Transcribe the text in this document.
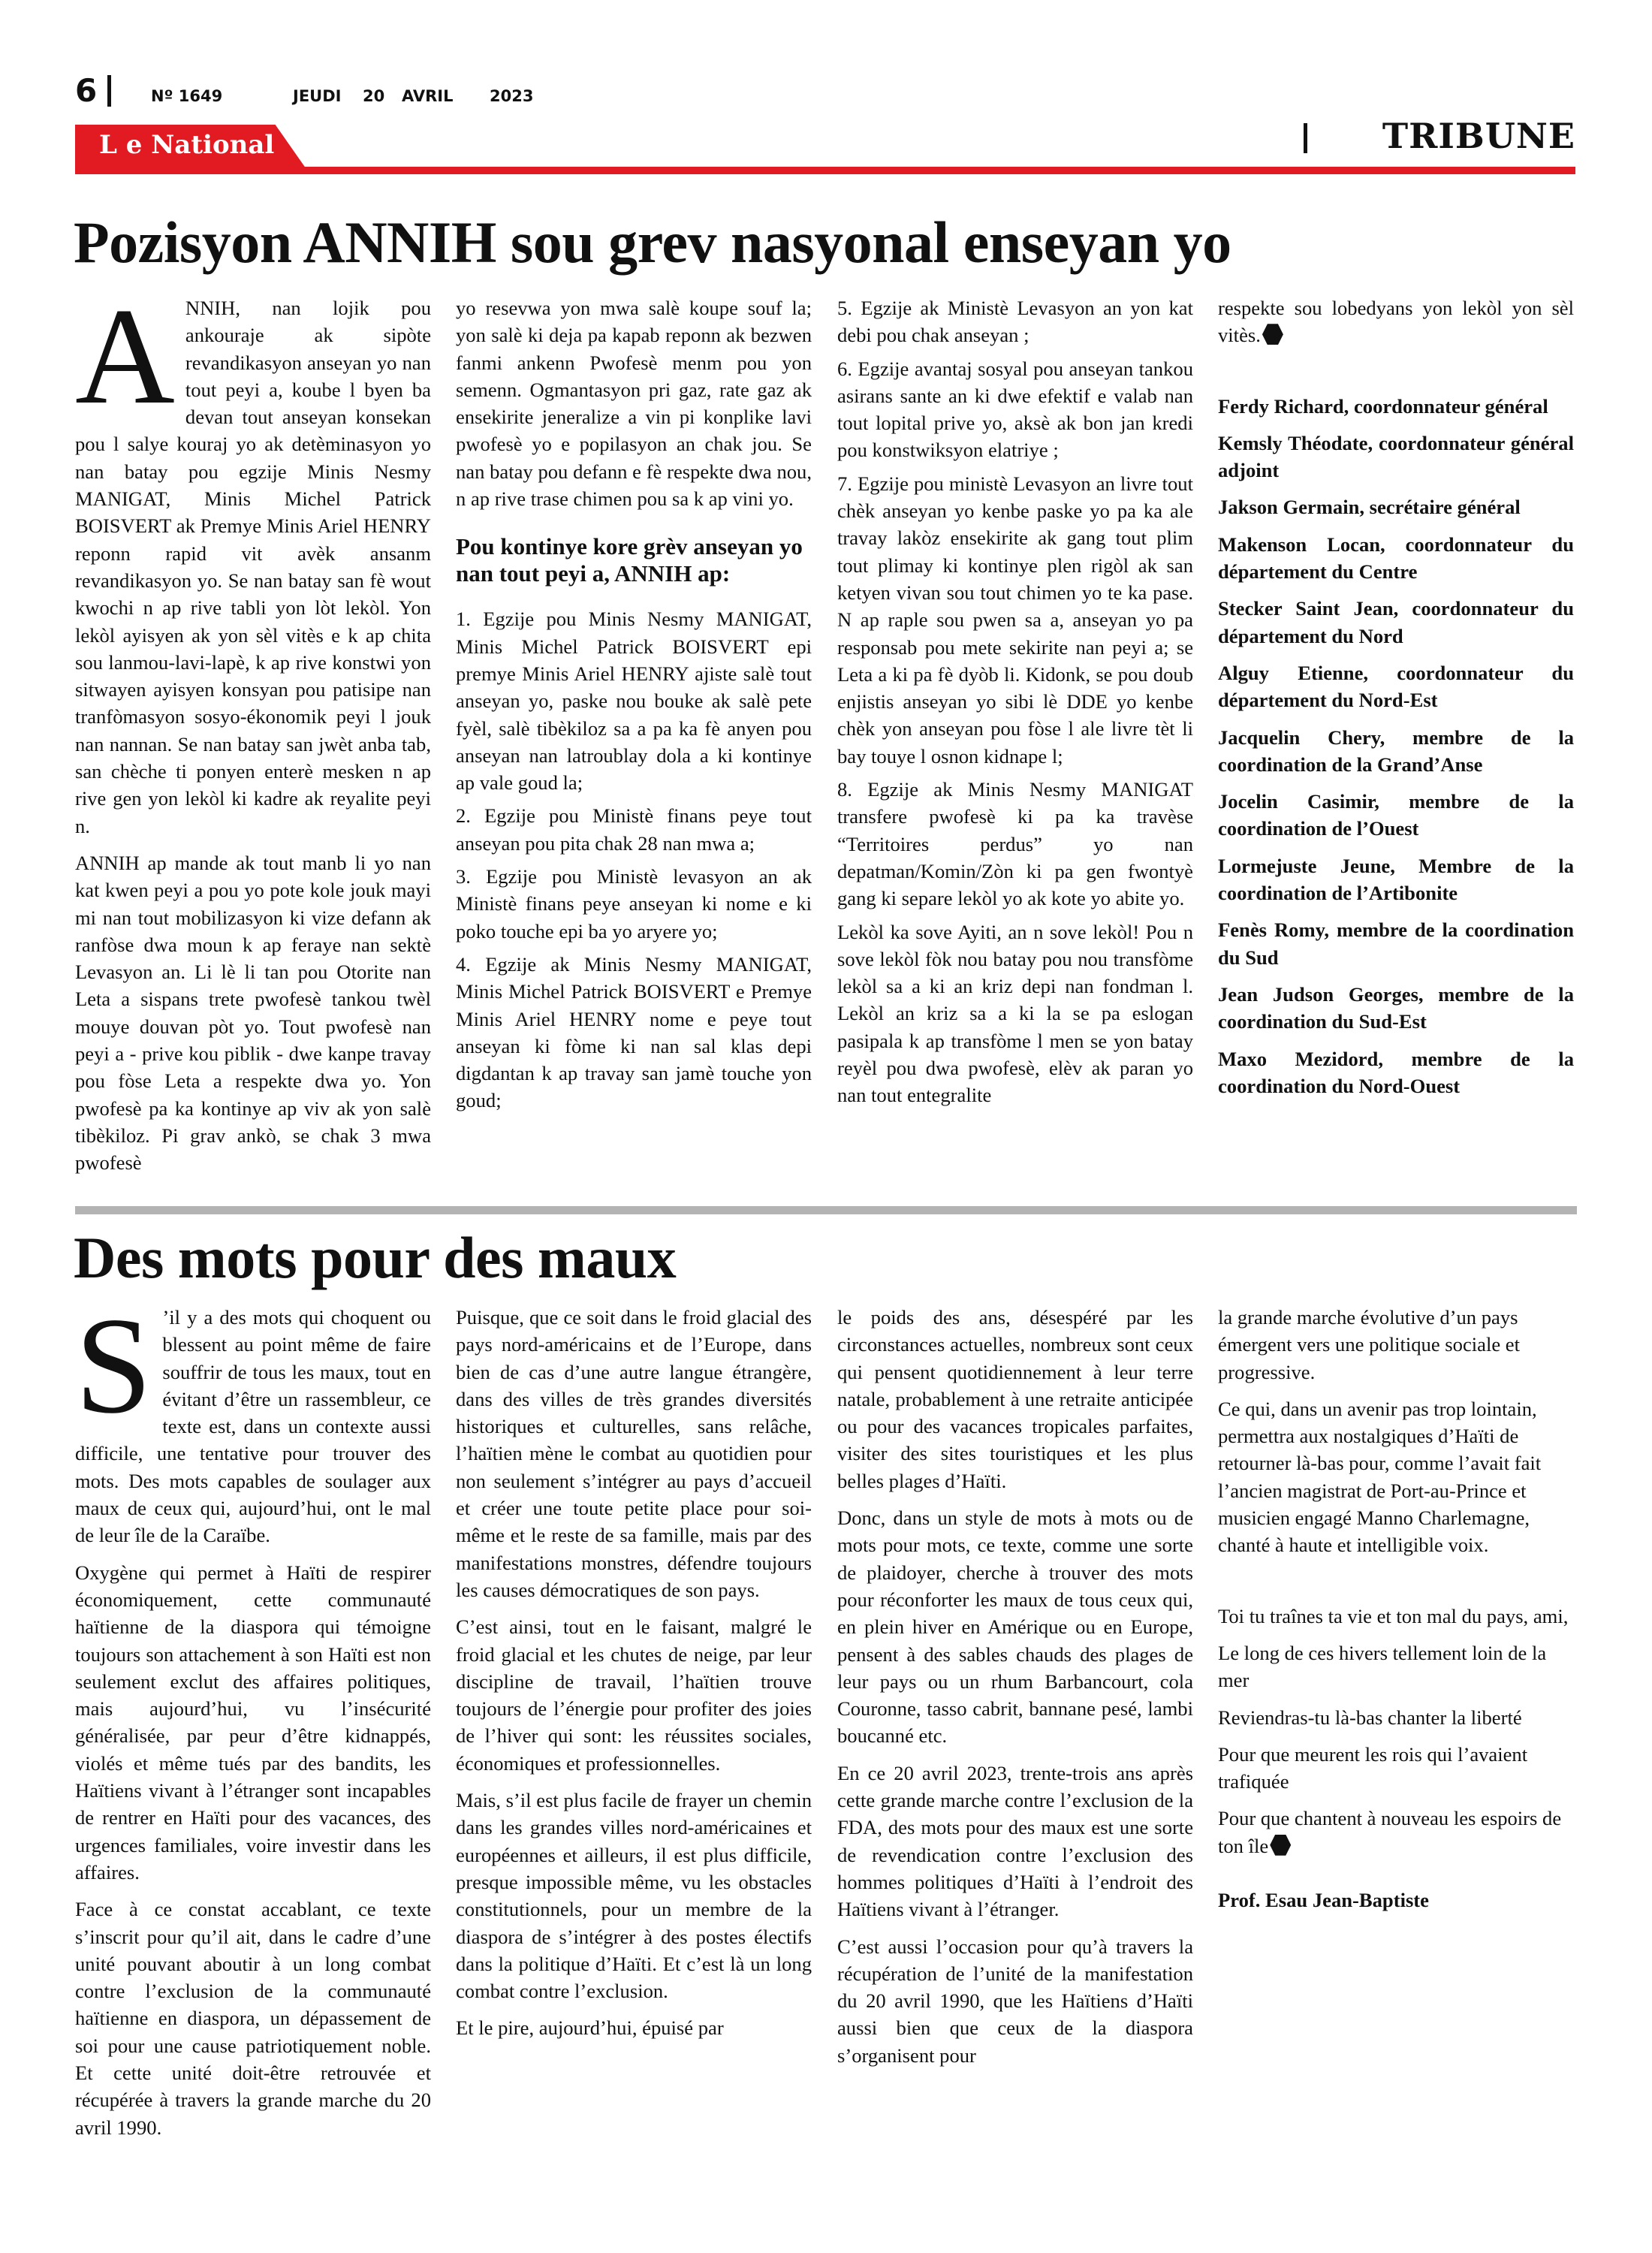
6	Nº 1649	JEUDI 20 AVRIL 2023
L e National	TRIBUNE
Pozisyon ANNIH sou grev nasyonal enseyan yo

ANNIH, nan lojik pou ankouraje ak sipòte revandikasyon anseyan yo nan tout peyi a, koube l byen ba devan tout anseyan konsekan pou l salye kouraj yo ak detèminasyon yo nan batay pou egzije Minis Nesmy MANIGAT, Minis Michel Patrick BOISVERT ak Premye Minis Ariel HENRY reponn rapid vit avèk ansanm revandikasyon yo. Se nan batay san fè wout kwochi n ap rive tabli yon lòt lekòl. Yon lekòl ayisyen ak yon sèl vitès e k ap chita sou lanmou-lavi-lapè, k ap rive konstwi yon sitwayen ayisyen konsyan pou patisipe nan tranfòmasyon sosyo-ékonomik peyi l jouk nan nannan. Se nan batay san jwèt anba tab, san chèche ti ponyen enterè mesken n ap rive gen yon lekòl ki kadre ak reyalite peyi n.

ANNIH ap mande ak tout manb li yo nan kat kwen peyi a pou yo pote kole jouk mayi mi nan tout mobilizasyon ki vize defann ak ranfòse dwa moun k ap feraye nan sektè Levasyon an. Li lè li tan pou Otorite nan Leta a sispans trete pwofesè tankou twèl mouye douvan pòt yo. Tout pwofesè nan peyi a - prive kou piblik - dwe kanpe travay pou fòse Leta a respekte dwa yo. Yon pwofesè pa ka kontinye ap viv ak yon salè tibèkiloz. Pi grav ankò, se chak 3 mwa pwofesè

yo resevwa yon mwa salè koupe souf la; yon salè ki deja pa kapab reponn ak bezwen fanmi ankenn Pwofesè menm pou yon semenn. Ogmantasyon pri gaz, rate gaz ak ensekirite jeneralize a vin pi konplike lavi pwofesè yo e popilasyon an chak jou. Se nan batay pou defann e fè respekte dwa nou, n ap rive trase chimen pou sa k ap vini yo.

Pou kontinye kore grèv anseyan yo nan tout peyi a, ANNIH ap:

1. Egzije pou Minis Nesmy MANIGAT, Minis Michel Patrick BOISVERT epi premye Minis Ariel HENRY ajiste salè tout anseyan yo, paske nou bouke ak salè pete fyèl, salè tibèkiloz sa a pa ka fè anyen pou anseyan nan latroublay dola a ki kontinye ap vale goud la;

2. Egzije pou Ministè finans peye tout anseyan pou pita chak 28 nan mwa a;

3. Egzije pou Ministè levasyon an ak Ministè finans peye anseyan ki nome e ki poko touche epi ba yo aryere yo;

4. Egzije ak Minis Nesmy MANIGAT, Minis Michel Patrick BOISVERT e Premye Minis Ariel HENRY nome e peye tout anseyan ki fòme ki nan sal klas depi digdantan k ap travay san jamè touche yon goud;

5. Egzije ak Ministè Levasyon an yon kat debi pou chak anseyan ;

6. Egzije avantaj sosyal pou anseyan tankou asirans sante an ki dwe efektif e valab nan tout lopital prive yo, aksè ak bon jan kredi pou konstwiksyon elatriye ;

7. Egzije pou ministè Levasyon an livre tout chèk anseyan yo kenbe paske yo pa ka ale travay lakòz ensekirite ak gang tout plim tout plimay ki kontinye plen rigòl ak san ketyen vivan sou tout chimen yo te ka pase. N ap raple sou pwen sa a, anseyan yo pa responsab pou mete sekirite nan peyi a; se Leta a ki pa fè dyòb li. Kidonk, se pou doub enjistis anseyan yo sibi lè DDE yo kenbe chèk yon anseyan pou fòse l ale livre tèt li bay touye l osnon kidnape l;

8. Egzije ak Minis Nesmy MANIGAT transfere pwofesè ki pa ka travèse “Territoires perdus” yo nan depatman/Komin/Zòn ki pa gen fwontyè gang ki separe lekòl yo ak kote yo abite yo.

Lekòl ka sove Ayiti, an n sove lekòl! Pou n sove lekòl fòk nou batay pou nou transfòme lekòl sa a ki an kriz depi nan fondman l. Lekòl an kriz sa a ki la se pa eslogan pasipala k ap transfòme l men se yon batay reyèl pou dwa pwofesè, elèv ak paran yo nan tout entegralite

respekte sou lobedyans yon lekòl yon sèl vitès.

Ferdy Richard, coordonnateur général

Kemsly Théodate, coordonnateur général adjoint

Jakson Germain, secrétaire général

Makenson Locan, coordonnateur du département du Centre

Stecker Saint Jean, coordonnateur du département du Nord

Alguy Etienne, coordonnateur du département du Nord-Est

Jacquelin Chery, membre de la coordination de la Grand’Anse

Jocelin Casimir, membre de la coordination de l’Ouest

Lormejuste Jeune, Membre de la coordination de l’Artibonite

Fenès Romy, membre de la coordination du Sud

Jean Judson Georges, membre de la coordination du Sud-Est

Maxo Mezidord, membre de la coordination du Nord-Ouest

Des mots pour des maux

S ’il y a des mots qui choquent ou blessent au point même de faire souffrir de tous les maux, tout en évitant d’être un rassembleur, ce texte est, dans un contexte aussi difficile, une tentative pour trouver des mots. Des mots capables de soulager aux maux de ceux qui, aujourd’hui, ont le mal de leur île de la Caraïbe.

Oxygène qui permet à Haïti de respirer économiquement, cette communauté haïtienne de la diaspora qui témoigne toujours son attachement à son Haïti est non seulement exclut des affaires politiques, mais aujourd’hui, vu l’insécurité généralisée, par peur d’être kidnappés, violés et même tués par des bandits, les Haïtiens vivant à l’étranger sont incapables de rentrer en Haïti pour des vacances, des urgences familiales, voire investir dans les affaires.

Face à ce constat accablant, ce texte s’inscrit pour qu’il ait, dans le cadre d’une unité pouvant aboutir à un long combat contre l’exclusion de la communauté haïtienne en diaspora, un dépassement de soi pour une cause patriotiquement noble. Et cette unité doit-être retrouvée et récupérée à travers la grande marche du 20 avril 1990.

Puisque, que ce soit dans le froid glacial des pays nord-américains et de l’Europe, dans bien de cas d’une autre langue étrangère, dans des villes de très grandes diversités historiques et culturelles, sans relâche, l’haïtien mène le combat au quotidien pour non seulement s’intégrer au pays d’accueil et créer une toute petite place pour soi-même et le reste de sa famille, mais par des manifestations monstres, défendre toujours les causes démocratiques de son pays.

C’est ainsi, tout en le faisant, malgré le froid glacial et les chutes de neige, par leur discipline de travail, l’haïtien trouve toujours de l’énergie pour profiter des joies de l’hiver qui sont: les réussites sociales, économiques et professionnelles.

Mais, s’il est plus facile de frayer un chemin dans les grandes villes nord-américaines et européennes et ailleurs, il est plus difficile, presque impossible même, vu les obstacles constitutionnels, pour un membre de la diaspora de s’intégrer à des postes électifs dans la politique d’Haïti. Et c’est là un long combat contre l’exclusion.

Et le pire, aujourd’hui, épuisé par

le poids des ans, désespéré par les circonstances actuelles, nombreux sont ceux qui pensent quotidiennement à leur terre natale, probablement à une retraite anticipée ou pour des vacances tropicales parfaites, visiter des sites touristiques et les plus belles plages d’Haïti.

Donc, dans un style de mots à mots ou de mots pour mots, ce texte, comme une sorte de plaidoyer, cherche à trouver des mots pour réconforter les maux de tous ceux qui, en plein hiver en Amérique ou en Europe, pensent à des sables chauds des plages de leur pays ou un rhum Barbancourt, cola Couronne, tasso cabrit, bannane pesé, lambi boucanné etc.

En ce 20 avril 2023, trente-trois ans après cette grande marche contre l’exclusion de la FDA, des mots pour des maux est une sorte de revendication contre l’exclusion des hommes politiques d’Haïti à l’endroit des Haïtiens vivant à l’étranger.

C’est aussi l’occasion pour qu’à travers la récupération de l’unité de la manifestation du 20 avril 1990, que les Haïtiens d’Haïti aussi bien que ceux de la diaspora s’organisent pour

la grande marche évolutive d’un pays émergent vers une politique sociale et progressive.

Ce qui, dans un avenir pas trop lointain, permettra aux nostalgiques d’Haïti de retourner là-bas pour, comme l’avait fait l’ancien magistrat de Port-au-Prince et musicien engagé Manno Charlemagne, chanté à haute et intelligible voix.

Toi tu traînes ta vie et ton mal du pays, ami,

Le long de ces hivers tellement loin de la mer

Reviendras-tu là-bas chanter la liberté

Pour que meurent les rois qui l’avaient trafiquée

Pour que chantent à nouveau les espoirs de ton île

Prof. Esau Jean-Baptiste
